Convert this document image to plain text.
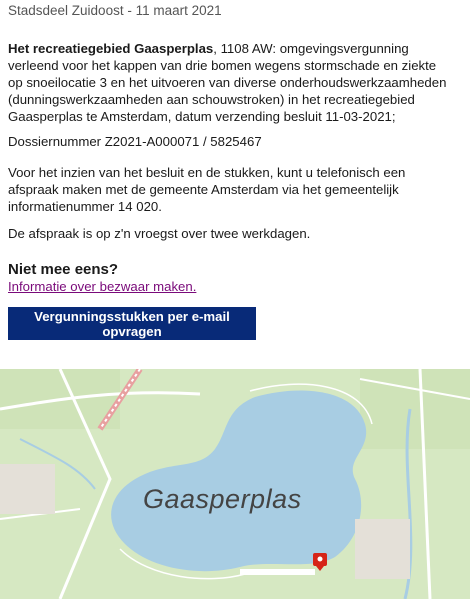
Stadsdeel Zuidoost - 11 maart 2021
Het recreatiegebied Gaasperplas, 1108 AW: omgevingsvergunning verleend voor het kappen van drie bomen wegens stormschade en ziekte op snoeilocatie 3 en het uitvoeren van diverse onderhoudswerkzaamheden (dunningswerkzaamheden aan schouwstroken) in het recreatiegebied Gaasperplas te Amsterdam, datum verzending besluit 11-03-2021;
Dossiernummer Z2021-A000071 / 5825467
Voor het inzien van het besluit en de stukken, kunt u telefonisch een afspraak maken met de gemeente Amsterdam via het gemeentelijk informatienummer 14 020.
De afspraak is op z'n vroegst over twee werkdagen.
Niet mee eens?
Informatie over bezwaar maken.
Vergunningsstukken per e-mail opvragen
Gaasperplas
